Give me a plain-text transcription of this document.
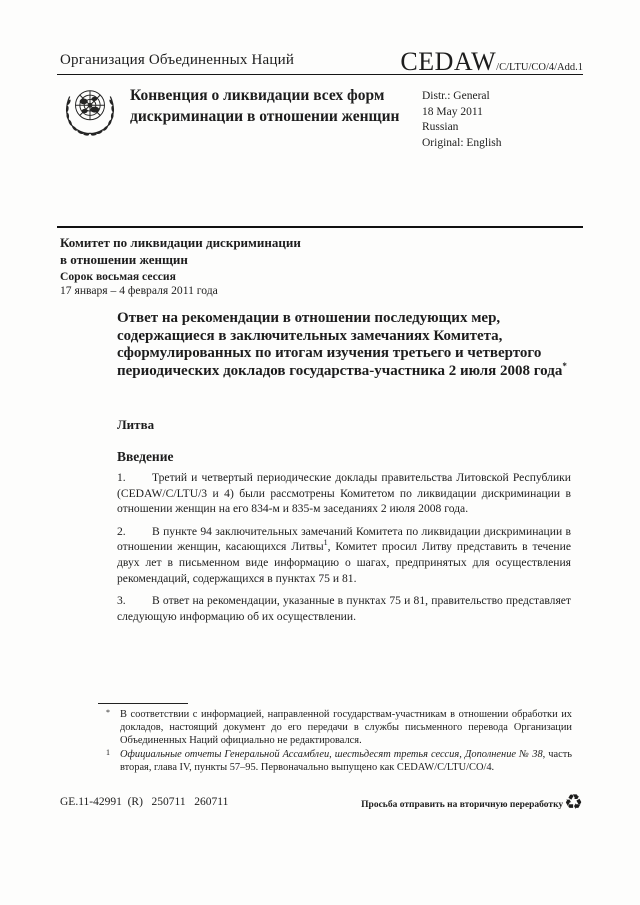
Организация Объединенных Наций	CEDAW /C/LTU/CO/4/Add.1
Конвенция о ликвидации всех форм дискриминации в отношении женщин
Distr.: General
18 May 2011
Russian
Original: English
Комитет по ликвидации дискриминации
в отношении женщин
Сорок восьмая сессия
17 января – 4 февраля 2011 года
Ответ на рекомендации в отношении последующих мер, содержащиеся в заключительных замечаниях Комитета, сформулированных по итогам изучения третьего и четвертого периодических докладов государства-участника 2 июля 2008 года*
Литва
Введение

1. Третий и четвертый периодические доклады правительства Литовской Республики (CEDAW/C/LTU/3 и 4) были рассмотрены Комитетом по ликвидации дискриминации в отношении женщин на его 834-м и 835-м заседаниях 2 июля 2008 года.

2. В пункте 94 заключительных замечаний Комитета по ликвидации дискриминации в отношении женщин, касающихся Литвы$^1$, Комитет просил Литву представить в течение двух лет в письменном виде информацию о шагах, предпринятых для осуществления рекомендаций, содержащихся в пунктах 75 и 81.

3. В ответ на рекомендации, указанные в пунктах 75 и 81, правительство представляет следующую информацию об их осуществлении.

* В соответствии с информацией, направленной государствам-участникам в отношении обработки их докладов, настоящий документ до его передачи в службы письменного перевода Организации Объединенных Наций официально не редактировался.
1 Официальные отчеты Генеральной Ассамблеи, шестьдесят третья сессия, Дополнение № 38, часть вторая, глава IV, пункты 57–95. Первоначально выпущено как CEDAW/C/LTU/CO/4.
GE.11-42991  (R)   250711   260711	Просьба отправить на вторичную переработку ♻
